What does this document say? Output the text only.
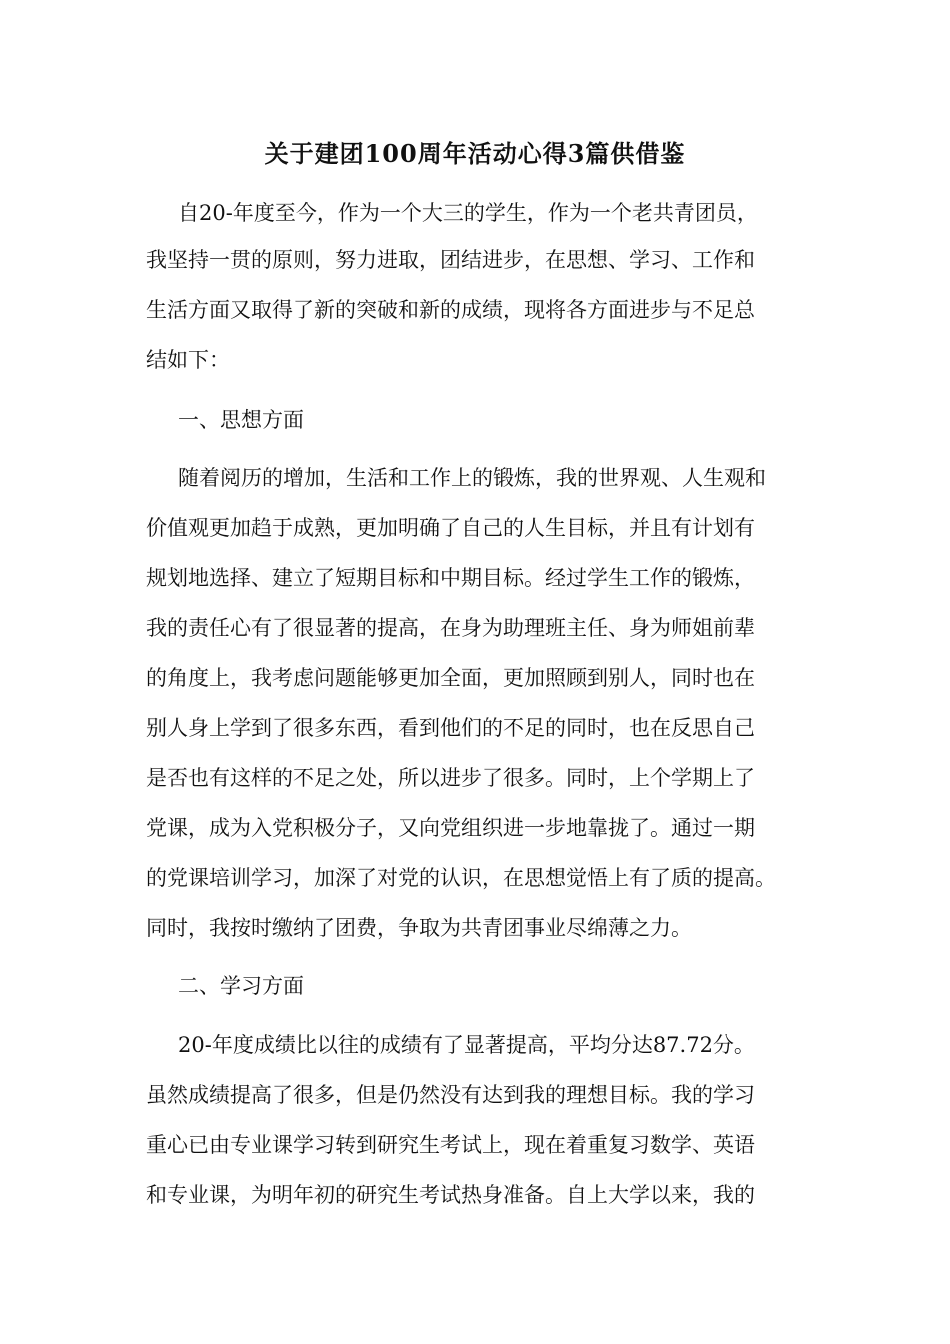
关于建团100周年活动心得3篇供借鉴

自20-年度至今，作为一个大三的学生，作为一个老共青团员，

我坚持一贯的原则，努力进取，团结进步，在思想、学习、工作和

生活方面又取得了新的突破和新的成绩，现将各方面进步与不足总

结如下：

一、思想方面

随着阅历的增加，生活和工作上的锻炼，我的世界观、人生观和

价值观更加趋于成熟，更加明确了自己的人生目标，并且有计划有

规划地选择、建立了短期目标和中期目标。经过学生工作的锻炼，

我的责任心有了很显著的提高，在身为助理班主任、身为师姐前辈

的角度上，我考虑问题能够更加全面，更加照顾到别人，同时也在

别人身上学到了很多东西，看到他们的不足的同时，也在反思自己

是否也有这样的不足之处，所以进步了很多。同时，上个学期上了

党课，成为入党积极分子，又向党组织进一步地靠拢了。通过一期

的党课培训学习，加深了对党的认识，在思想觉悟上有了质的提高。

同时，我按时缴纳了团费，争取为共青团事业尽绵薄之力。

二、学习方面

20-年度成绩比以往的成绩有了显著提高，平均分达87.72分。

虽然成绩提高了很多，但是仍然没有达到我的理想目标。我的学习

重心已由专业课学习转到研究生考试上，现在着重复习数学、英语

和专业课，为明年初的研究生考试热身准备。自上大学以来，我的
